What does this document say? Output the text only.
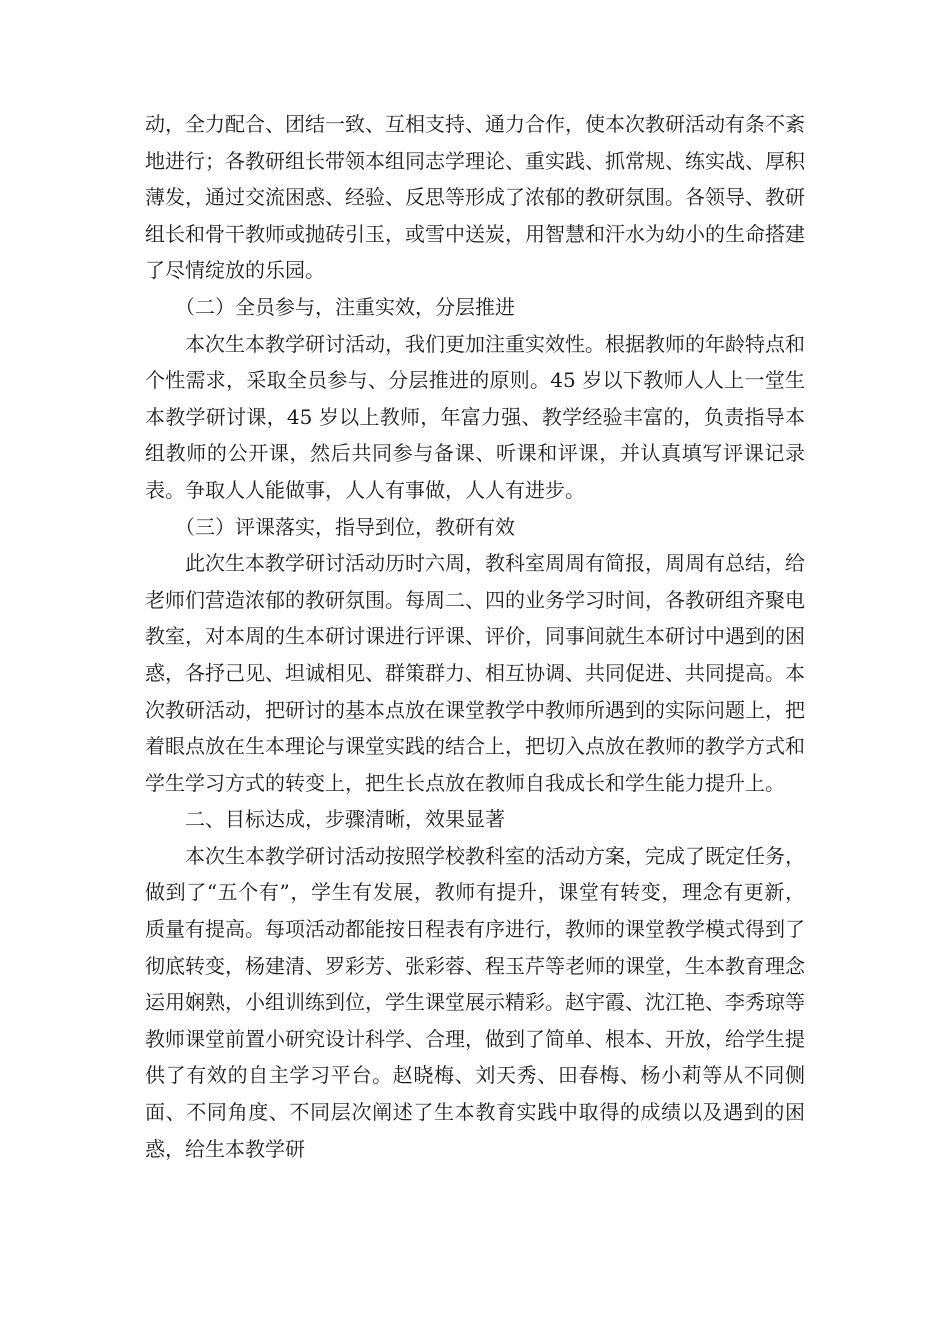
动，全力配合、团结一致、互相支持、通力合作，使本次教研活动有条不紊地进行；各教研组长带领本组同志学理论、重实践、抓常规、练实战、厚积薄发，通过交流困惑、经验、反思等形成了浓郁的教研氛围。各领导、教研组长和骨干教师或抛砖引玉，或雪中送炭，用智慧和汗水为幼小的生命搭建了尽情绽放的乐园。

（二）全员参与，注重实效，分层推进

本次生本教学研讨活动，我们更加注重实效性。根据教师的年龄特点和个性需求，采取全员参与、分层推进的原则。45 岁以下教师人人上一堂生本教学研讨课，45 岁以上教师，年富力强、教学经验丰富的，负责指导本组教师的公开课，然后共同参与备课、听课和评课，并认真填写评课记录表。争取人人能做事，人人有事做，人人有进步。

（三）评课落实，指导到位，教研有效

此次生本教学研讨活动历时六周，教科室周周有简报，周周有总结，给老师们营造浓郁的教研氛围。每周二、四的业务学习时间，各教研组齐聚电教室，对本周的生本研讨课进行评课、评价，同事间就生本研讨中遇到的困惑，各抒己见、坦诚相见、群策群力、相互协调、共同促进、共同提高。本次教研活动，把研讨的基本点放在课堂教学中教师所遇到的实际问题上，把着眼点放在生本理论与课堂实践的结合上，把切入点放在教师的教学方式和学生学习方式的转变上，把生长点放在教师自我成长和学生能力提升上。

二、目标达成，步骤清晰，效果显著

本次生本教学研讨活动按照学校教科室的活动方案，完成了既定任务，做到了“五个有”，学生有发展，教师有提升，课堂有转变，理念有更新，质量有提高。每项活动都能按日程表有序进行，教师的课堂教学模式得到了彻底转变，杨建清、罗彩芳、张彩蓉、程玉芹等老师的课堂，生本教育理念运用娴熟，小组训练到位，学生课堂展示精彩。赵宇霞、沈江艳、李秀琼等教师课堂前置小研究设计科学、合理，做到了简单、根本、开放，给学生提供了有效的自主学习平台。赵晓梅、刘天秀、田春梅、杨小莉等从不同侧面、不同角度、不同层次阐述了生本教育实践中取得的成绩以及遇到的困惑，给生本教学研
